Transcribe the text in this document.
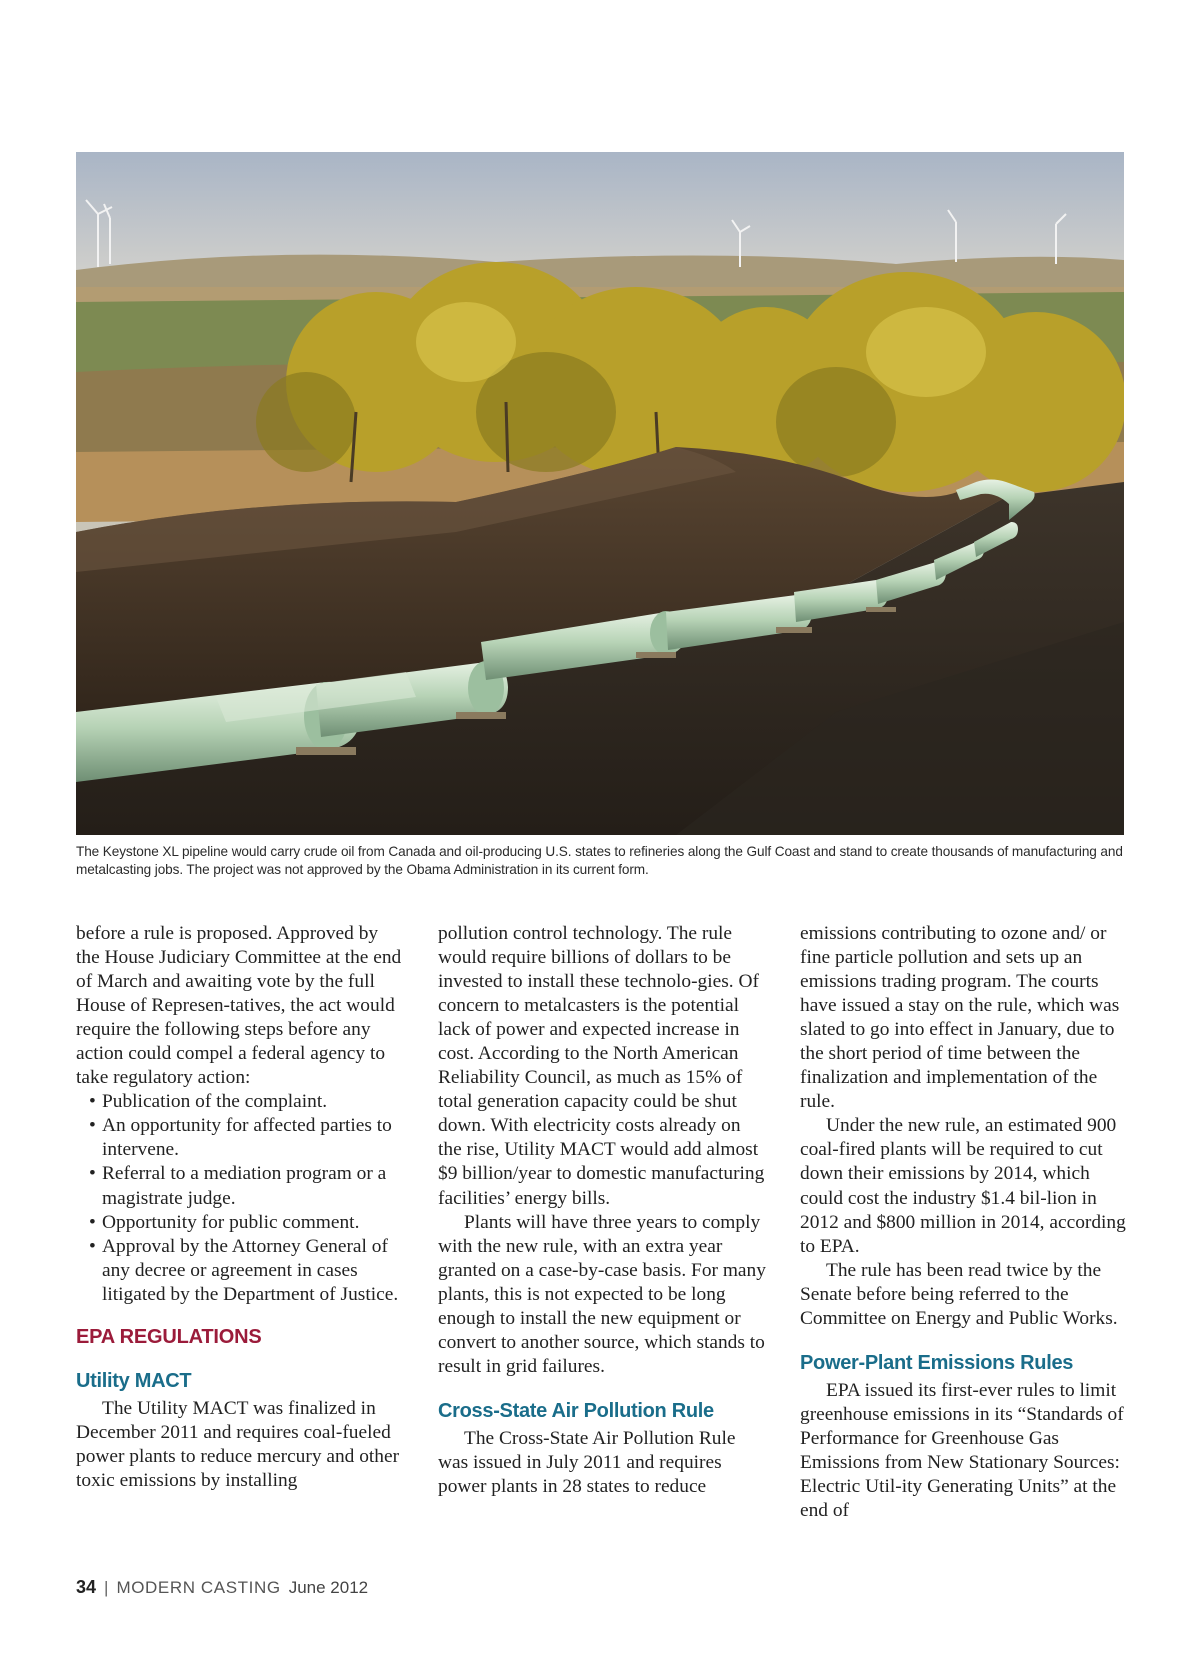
The Keystone XL pipeline would carry crude oil from Canada and oil-producing U.S. states to refineries along the Gulf Coast and stand to create thousands of manufacturing and metalcasting jobs. The project was not approved by the Obama Administration in its current form.

before a rule is proposed. Approved by the House Judiciary Committee at the end of March and awaiting vote by the full House of Represen-tatives, the act would require the following steps before any action could compel a federal agency to take regulatory action:

• Publication of the complaint.
• An opportunity for affected parties to intervene.
• Referral to a mediation program or a magistrate judge.
• Opportunity for public comment.
• Approval by the Attorney General of any decree or agreement in cases litigated by the Department of Justice.
EPA REGULATIONS
Utility MACT

The Utility MACT was finalized in December 2011 and requires coal-fueled power plants to reduce mercury and other toxic emissions by installing

pollution control technology. The rule would require billions of dollars to be invested to install these technolo-gies. Of concern to metalcasters is the potential lack of power and expected increase in cost. According to the North American Reliability Council, as much as 15% of total generation capacity could be shut down. With electricity costs already on the rise, Utility MACT would add almost $9 billion/year to domestic manufacturing facilities’ energy bills.

Plants will have three years to comply with the new rule, with an extra year granted on a case-by-case basis. For many plants, this is not expected to be long enough to install the new equipment or convert to another source, which stands to result in grid failures.

Cross-State Air Pollution Rule

The Cross-State Air Pollution Rule was issued in July 2011 and requires power plants in 28 states to reduce

emissions contributing to ozone and/ or fine particle pollution and sets up an emissions trading program. The courts have issued a stay on the rule, which was slated to go into effect in January, due to the short period of time between the finalization and implementation of the rule.

Under the new rule, an estimated 900 coal-fired plants will be required to cut down their emissions by 2014, which could cost the industry $1.4 bil-lion in 2012 and $800 million in 2014, according to EPA.

The rule has been read twice by the Senate before being referred to the Committee on Energy and Public Works.

Power-Plant Emissions Rules

EPA issued its first-ever rules to limit greenhouse emissions in its “Standards of Performance for Greenhouse Gas Emissions from New Stationary Sources: Electric Util-ity Generating Units” at the end of

34 | MODERN CASTING June 2012
